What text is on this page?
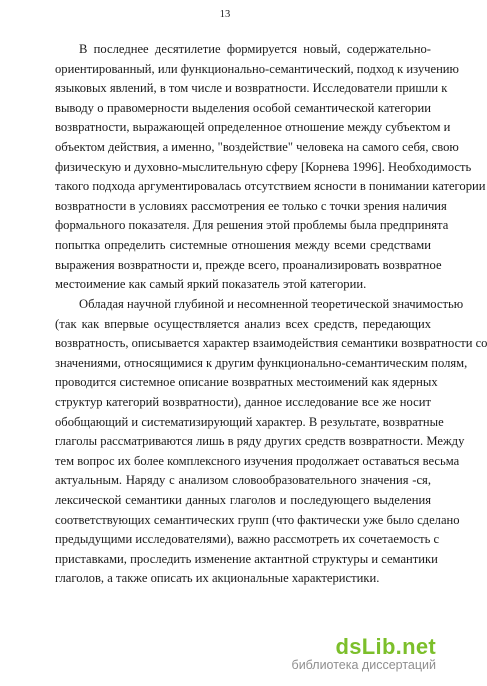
13
В последнее десятилетие формируется новый, содержательно-
ориентированный, или функционально-семантический, подход к изучению
языковых явлений, в том числе и возвратности. Исследователи пришли к
выводу о правомерности выделения особой семантической категории
возвратности, выражающей определенное отношение между субъектом и
объектом действия, а именно, "воздействие" человека на самого себя, свою
физическую и духовно-мыслительную сферу [Корнева 1996]. Необходимость
такого подхода аргументировалась отсутствием ясности в понимании категории
возвратности в условиях рассмотрения ее только с точки зрения наличия
формального показателя. Для решения этой проблемы была предпринята
попытка определить системные отношения между всеми средствами
выражения возвратности и, прежде всего, проанализировать возвратное
местоимение как самый яркий показатель этой категории.
Обладая научной глубиной и несомненной теоретической значимостью
(так как впервые осуществляется анализ всех средств, передающих
возвратность, описывается характер взаимодействия семантики возвратности со
значениями, относящимися к другим функционально-семантическим полям,
проводится системное описание возвратных местоимений как ядерных
структур категорий возвратности), данное исследование все же носит
обобщающий и систематизирующий характер. В результате, возвратные
глаголы рассматриваются лишь в ряду других средств возвратности. Между
тем вопрос их более комплексного изучения продолжает оставаться весьма
актуальным. Наряду с анализом словообразовательного значения -ся,
лексической семантики данных глаголов и последующего выделения
соответствующих семантических групп (что фактически уже было сделано
предыдущими исследователями), важно рассмотреть их сочетаемость с
приставками, проследить изменение актантной структуры и семантики
глаголов, а также описать их акциональные характеристики.
dsLib.net
библиотека диссертаций
